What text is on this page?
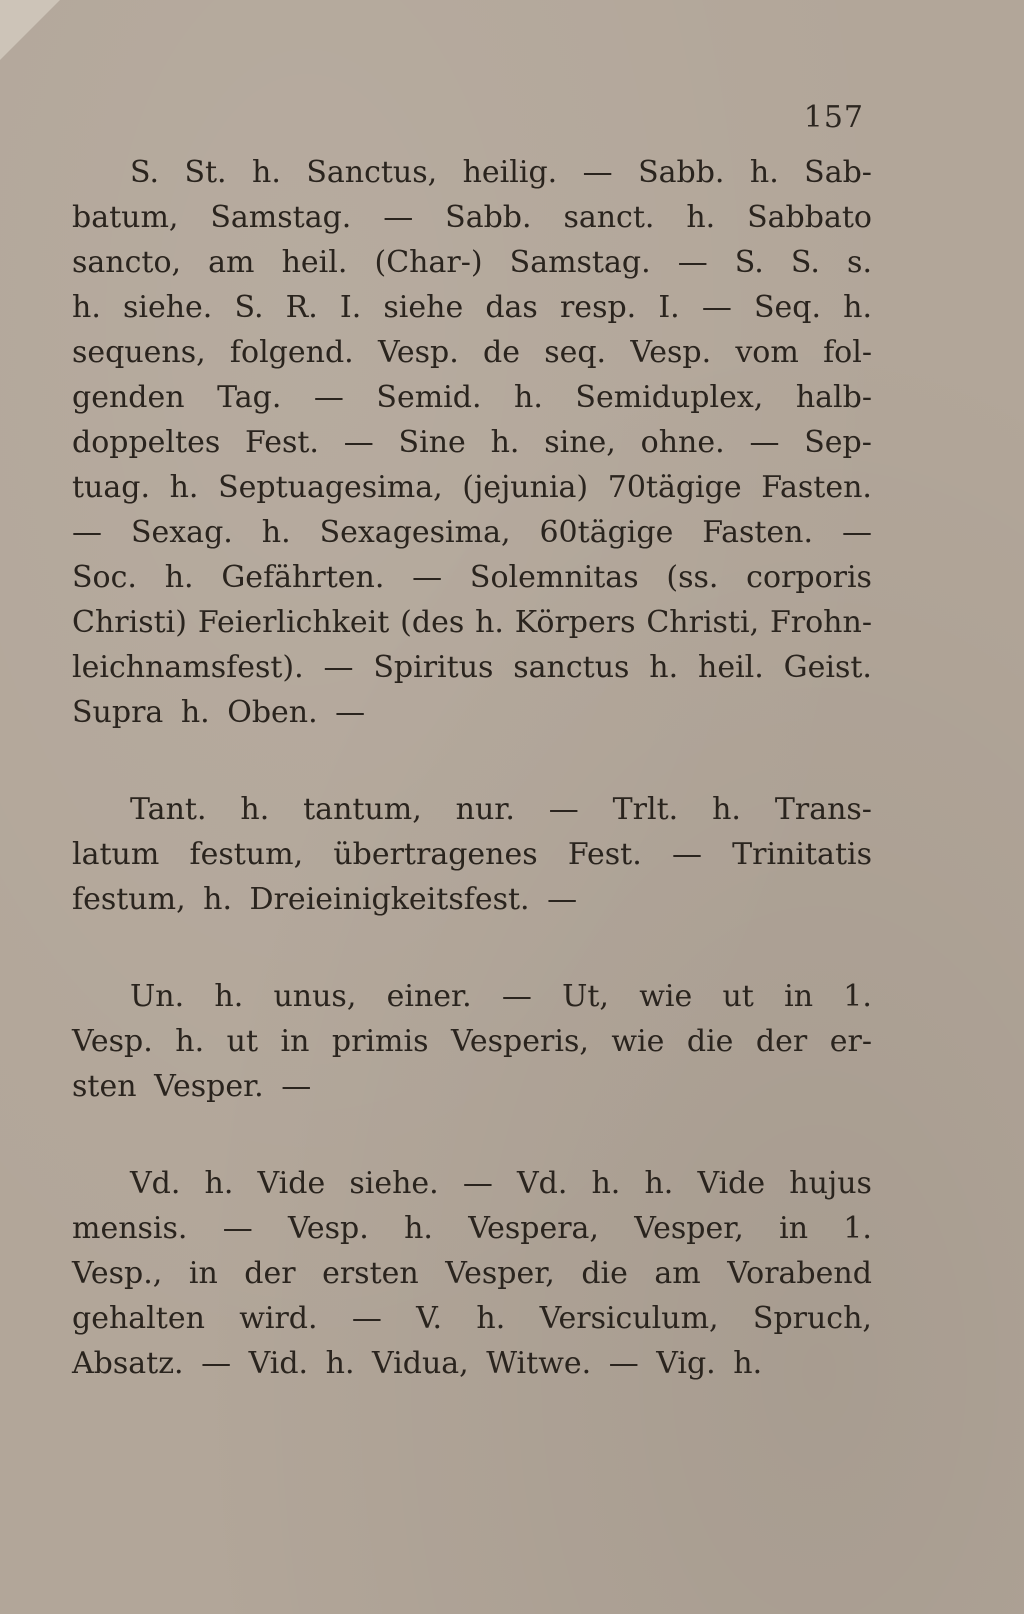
157
S. St. h. Sanctus, heilig. — Sabb. h. Sab-
batum, Samstag. — Sabb. sanct. h. Sabbato
sancto, am heil. (Char-) Samstag. — S. S. s.
h. siehe. S. R. I. siehe das resp. I. — Seq. h.
sequens, folgend. Vesp. de seq. Vesp. vom fol-
genden Tag. — Semid. h. Semiduplex, halb-
doppeltes Fest. — Sine h. sine, ohne. — Sep-
tuag. h. Septuagesima, (jejunia) 70tägige Fasten.
— Sexag. h. Sexagesima, 60tägige Fasten. —
Soc. h. Gefährten. — Solemnitas (ss. corporis
Christi) Feierlichkeit (des h. Körpers Christi, Frohn-
leichnamsfest). — Spiritus sanctus h. heil. Geist.
Supra h. Oben. —
Tant. h. tantum, nur. — Trlt. h. Trans-
latum festum, übertragenes Fest. — Trinitatis
festum, h. Dreieinigkeitsfest. —
Un. h. unus, einer. — Ut, wie ut in 1.
Vesp. h. ut in primis Vesperis, wie die der er-
sten Vesper. —
Vd. h. Vide siehe. — Vd. h. h. Vide hujus
mensis. — Vesp. h. Vespera, Vesper, in 1.
Vesp., in der ersten Vesper, die am Vorabend
gehalten wird. — V. h. Versiculum, Spruch,
Absatz. — Vid. h. Vidua, Witwe. — Vig. h.
